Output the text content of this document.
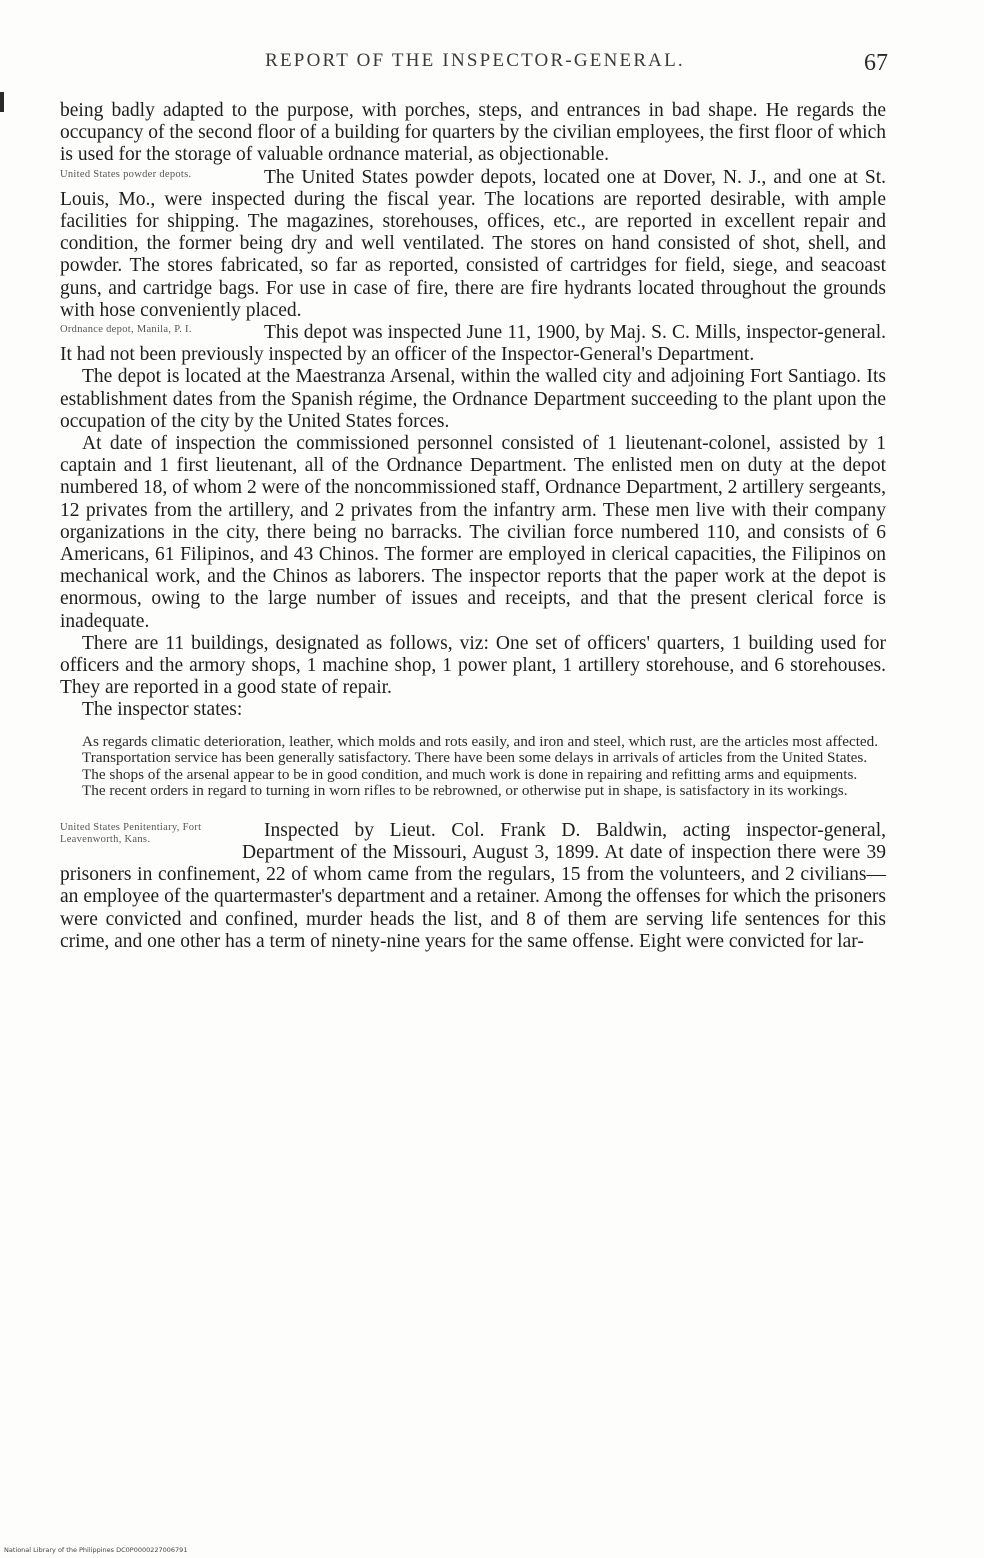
REPORT OF THE INSPECTOR-GENERAL.	67

being badly adapted to the purpose, with porches, steps, and entrances in bad shape. He regards the occupancy of the second floor of a building for quarters by the civilian employees, the first floor of which is used for the storage of valuable ordnance material, as objectionable.

United States powder depots.	The United States powder depots, located one at Dover, N. J., and one at St. Louis, Mo., were inspected during the fiscal year. The locations are reported desirable, with ample facilities for shipping. The magazines, storehouses, offices, etc., are reported in excellent repair and condition, the former being dry and well ventilated. The stores on hand consisted of shot, shell, and powder. The stores fabricated, so far as reported, consisted of cartridges for field, siege, and seacoast guns, and cartridge bags. For use in case of fire, there are fire hydrants located throughout the grounds with hose conveniently placed.

Ordnance depot, Manila, P. I.	This depot was inspected June 11, 1900, by Maj. S. C. Mills, inspector-general. It had not been previously inspected by an officer of the Inspector-General's Department.

The depot is located at the Maestranza Arsenal, within the walled city and adjoining Fort Santiago. Its establishment dates from the Spanish régime, the Ordnance Department succeeding to the plant upon the occupation of the city by the United States forces.

At date of inspection the commissioned personnel consisted of 1 lieutenant-colonel, assisted by 1 captain and 1 first lieutenant, all of the Ordnance Department. The enlisted men on duty at the depot numbered 18, of whom 2 were of the noncommissioned staff, Ordnance Department, 2 artillery sergeants, 12 privates from the artillery, and 2 privates from the infantry arm. These men live with their company organizations in the city, there being no barracks. The civilian force numbered 110, and consists of 6 Americans, 61 Filipinos, and 43 Chinos. The former are employed in clerical capacities, the Filipinos on mechanical work, and the Chinos as laborers. The inspector reports that the paper work at the depot is enormous, owing to the large number of issues and receipts, and that the present clerical force is inadequate.

There are 11 buildings, designated as follows, viz: One set of officers' quarters, 1 building used for officers and the armory shops, 1 machine shop, 1 power plant, 1 artillery storehouse, and 6 storehouses. They are reported in a good state of repair.

The inspector states:

As regards climatic deterioration, leather, which molds and rots easily, and iron and steel, which rust, are the articles most affected.

Transportation service has been generally satisfactory. There have been some delays in arrivals of articles from the United States.

The shops of the arsenal appear to be in good condition, and much work is done in repairing and refitting arms and equipments.

The recent orders in regard to turning in worn rifles to be rebrowned, or otherwise put in shape, is satisfactory in its workings.

United States Penitentiary, Fort Leavenworth, Kans.	Inspected by Lieut. Col. Frank D. Baldwin, acting inspector-general, Department of the Missouri, August 3, 1899. At date of inspection there were 39 prisoners in confinement, 22 of whom came from the regulars, 15 from the volunteers, and 2 civilians—an employee of the quartermaster's department and a retainer. Among the offenses for which the prisoners were convicted and confined, murder heads the list, and 8 of them are serving life sentences for this crime, and one other has a term of ninety-nine years for the same offense. Eight were convicted for lar-

National Library of the Philippines DC0P0000227006791
